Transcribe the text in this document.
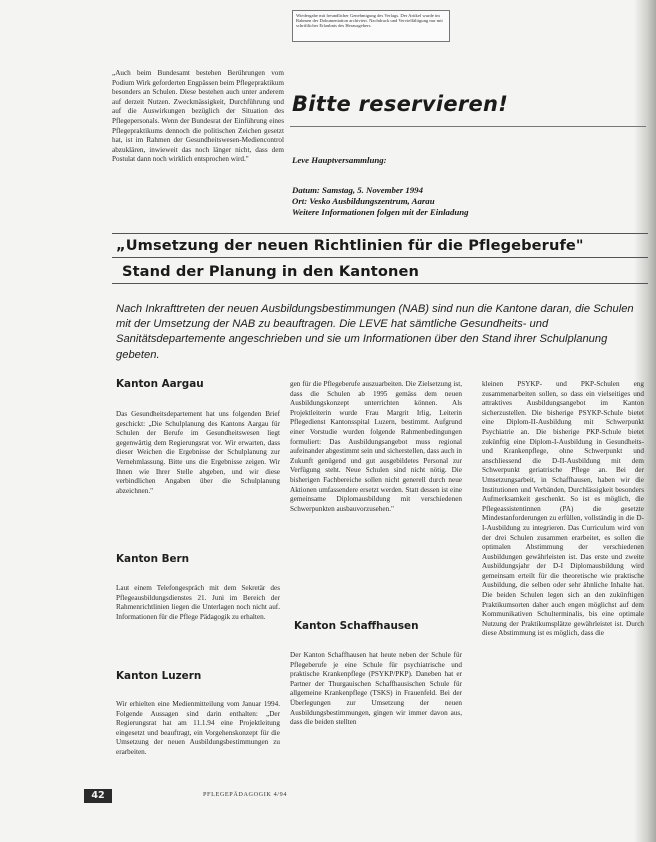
Wiedergabe mit freundlicher Genehmigung des Verlags. Der Artikel wurde im Rahmen der Dokumentation archiviert. Nachdruck und Vervielfältigung nur mit schriftlicher Erlaubnis des Herausgebers.
„Auch beim Bundesamt bestehen Berührungen vom Podium Wirk geforderten Engpässen beim Pflegepraktikum besonders an Schulen. Diese bestehen auch unter anderem auf derzeit Nutzen. Zweckmässigkeit, Durchführung und auf die Auswirkungen bezüglich der Situation des Pflegepersonals. Wenn der Bundesrat der Einführung eines Pflegepraktikums dennoch die politischen Zeichen gesetzt hat, ist im Rahmen der Gesundheitswesen-Mediencontrol abzuklären, inwieweit das noch länger nicht, dass dem Postulat dann noch wirklich entsprochen wird."
Bitte reservieren!
Leve Hauptversammlung:
Datum: Samstag, 5. November 1994
Ort: Vesko Ausbildungszentrum, Aarau
Weitere Informationen folgen mit der Einladung
„Umsetzung der neuen Richtlinien für die Pflegeberufe"
Stand der Planung in den Kantonen
Nach Inkrafttreten der neuen Ausbildungsbestimmungen (NAB) sind nun die Kantone daran, die Schulen mit der Umsetzung der NAB zu beauftragen. Die LEVE hat sämtliche Gesundheits- und Sanitätsdepartemente angeschrieben und sie um Informationen über den Stand ihrer Schulplanung gebeten.
Kanton Aargau
Das Gesundheitsdepartement hat uns folgenden Brief geschickt: „Die Schulplanung des Kantons Aargau für Schulen der Berufe im Gesundheitswesen liegt gegenwärtig dem Regierungsrat vor. Wir erwarten, dass dieser Weichen die Ergebnisse der Schulplanung zur Vernehmlassung. Bitte uns die Ergebnisse zeigen. Wir Ihnen wie Ihrer Stelle abgeben, und wir diese verbindlichen Angaben über die Schulplanung abzeichnen."
Kanton Bern
Laut einem Telefongespräch mit dem Sekretär des Pflegeausbildungsdienstes 21. Juni im Bereich der Rahmenrichtlinien liegen die Unterlagen noch nicht auf. Informationen für die Pflege Pädagogik zu erhalten.
Kanton Luzern
Wir erhielten eine Medienmitteilung vom Januar 1994. Folgende Aussagen sind darin enthalten: „Der Regierungsrat hat am 11.1.94 eine Projektleitung eingesetzt und beauftragt, ein Vorgehenskonzept für die Umsetzung der neuen Ausbildungsbestimmungen zu erarbeiten.
gen für die Pflegeberufe auszuarbeiten. Die Zielsetzung ist, dass die Schulen ab 1995 gemäss dem neuen Ausbildungskonzept unterrichten können. Als Projektleiterin wurde Frau Margrit Irlig, Leiterin Pflegedienst Kantonsspital Luzern, bestimmt. Aufgrund einer Vorstudie wurden folgende Rahmenbedingungen formuliert: Das Ausbildungsangebot muss regional aufeinander abgestimmt sein und sicherstellen, dass auch in Zukunft genügend und gut ausgebildetes Personal zur Verfügung steht. Neue Schulen sind nicht nötig. Die bisherigen Fachbereiche sollen nicht generell durch neue Aktionen umfassendere ersetzt werden. Statt dessen ist eine gemeinsame Diplomausbildung mit verschiedenen Schwerpunkten ausbauvorzusehen."
Kanton Schaffhausen
Der Kanton Schaffhausen hat heute neben der Schule für Pflegeberufe je eine Schule für psychiatrische und praktische Krankenpflege (PSYKP/PKP). Daneben hat er Partner der Thurgauischen Schaffhausischen Schule für allgemeine Krankenpflege (TSKS) in Frauenfeld. Bei der Überlegungen zur Umsetzung der neuen Ausbildungsbestimmungen, gingen wir immer davon aus, dass die beiden stellten
kleinen PSYKP- und PKP-Schulen eng zusammenarbeiten sollen, so dass ein vielseitiges und attraktives Ausbildungsangebot im Kanton sicherzustellen. Die bisherige PSYKP-Schule bietet eine Diplom-II-Ausbildung mit Schwerpunkt Psychiatrie an. Die bisherige PKP-Schule bietet zukünftig eine Diplom-I-Ausbildung in Gesundheits- und Krankenpflege, ohne Schwerpunkt und anschliessend die D-II-Ausbildung mit dem Schwerpunkt geriatrische Pflege an. Bei der Umsetzungsarbeit, in Schaffhausen, haben wir die Institutionen und Verbänden, Durchlässigkeit besonders Aufmerksamkeit geschenkt. So ist es möglich, die Pflegeassistentinnen (PA) die gesetzte Mindestanforderungen zu erfüllen, vollständig in die D-I-Ausbildung zu integrieren. Das Curriculum wird von der drei Schulen zusammen erarbeitet, es sollen die optimalen Abstimmung der verschiedenen Ausbildungen gewährleisten ist. Das erste und zweite Ausbildungsjahr der D-I Diplomausbildung wird gemeinsam erteilt für die theoretische wie praktische Ausbildung, die selben oder sehr ähnliche Inhalte hat. Die beiden Schulen legen sich an den zukünftigen Praktikumsorten daher auch engen möglichst auf dem Kommunikativen Schulterminalis, bis eine optimale Nutzung der Praktikumsplätze gewährleistet ist. Durch diese Abstimmung ist es möglich, dass die
42	PFLEGEPÄDAGOGIK 4/94
